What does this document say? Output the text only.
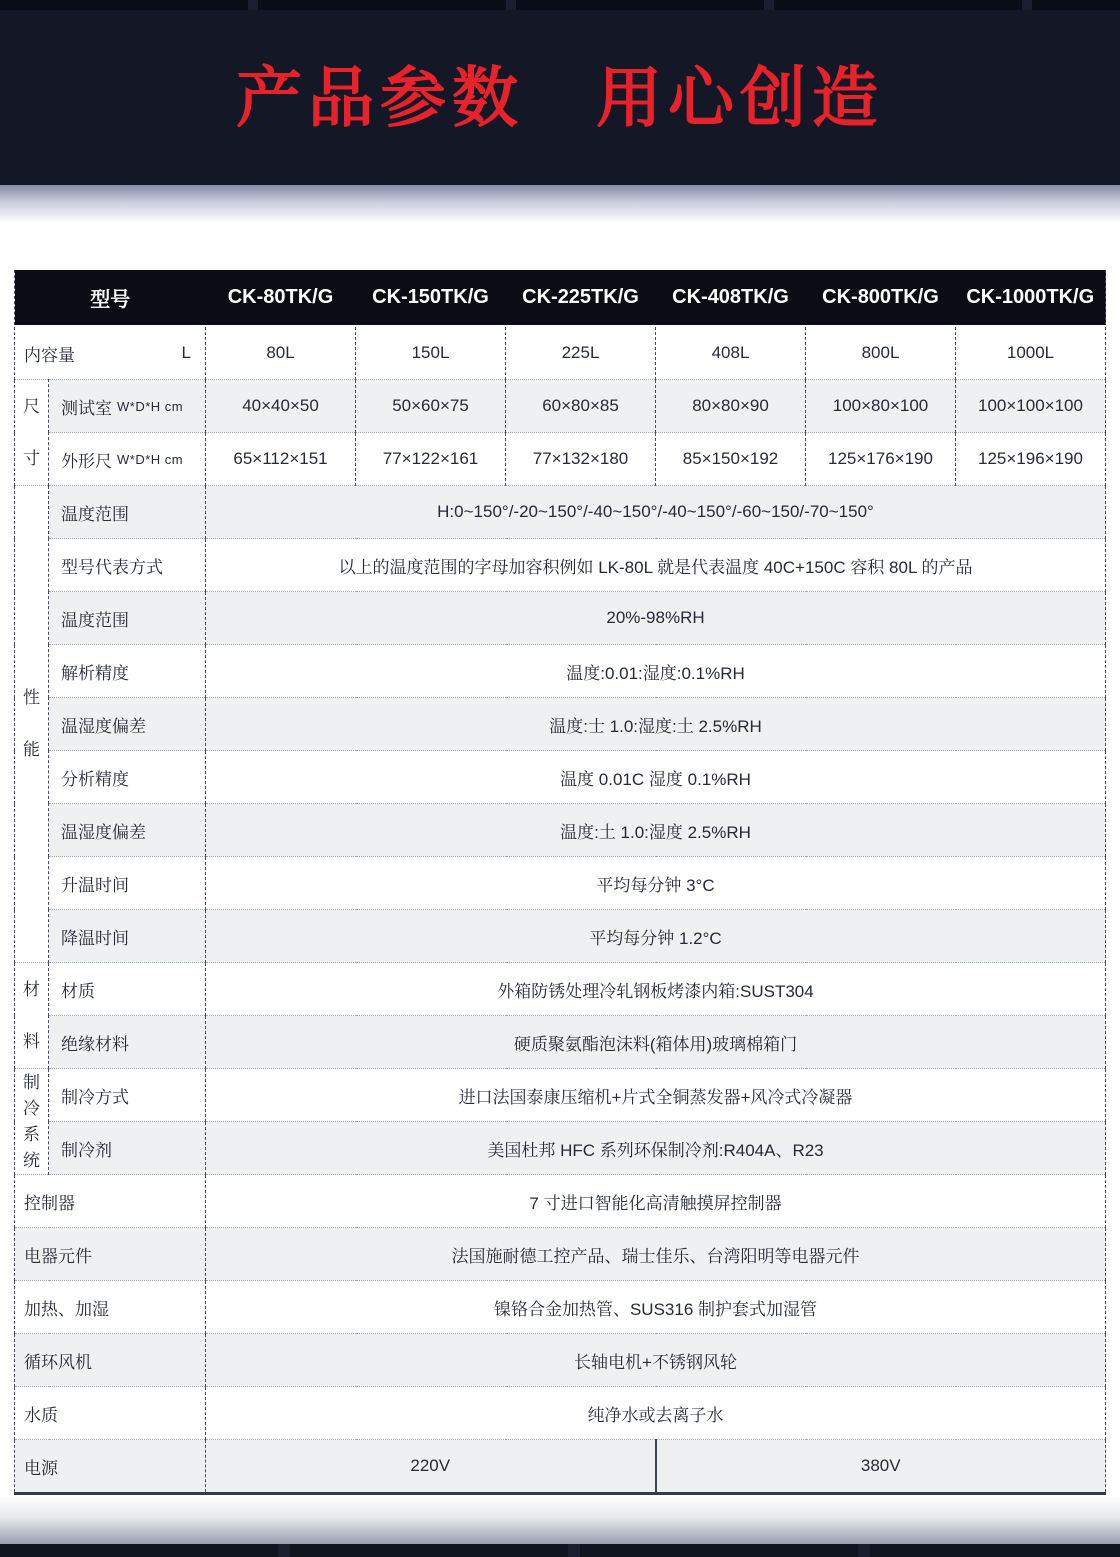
产品参数　用心创造
型号		CK-80TK/G	CK-150TK/G	CK-225TK/G	CK-408TK/G	CK-800TK/G	CK-1000TK/G

内容量 L		80L	150L	225L	408L	800L	1000L

尺
寸	测试室 W*D*H cm	40×40×50	50×60×75	60×80×85	80×80×90	100×80×100	100×100×100

	外形尺 W*D*H cm	65×112×151	77×122×161	77×132×180	85×150×192	125×176×190	125×196×190

性
能	温度范围	H:0~150°/-20~150°/-40~150°/-40~150°/-60~150/-70~150°					

	型号代表方式	以上的温度范围的字母加容积例如 LK-80L 就是代表温度 40C+150C 容积 80L 的产品					

	温度范围	20%-98%RH					

	解析精度	温度:0.01:湿度:0.1%RH					

	温湿度偏差	温度:士 1.0:湿度:土 2.5%RH					

	分析精度	温度 0.01C 湿度 0.1%RH					

	温湿度偏差	温度:土 1.0:湿度 2.5%RH					

	升温时间	平均每分钟 3°C					

	降温时间	平均每分钟 1.2°C					

材
料	材质	外箱防锈处理冷轧钢板烤漆内箱:SUST304					

	绝缘材料	硬质聚氨酯泡沫料(箱体用)玻璃棉箱门					

制
冷
系
统	制冷方式	进口法国泰康压缩机+片式全铜蒸发器+风冷式冷凝器					

	制冷剂	美国杜邦 HFC 系列环保制冷剂:R404A、R23					

控制器		7 寸进口智能化高清触摸屏控制器					

电器元件		法国施耐德工控产品、瑞士佳乐、台湾阳明等电器元件					

加热、加湿		镍铬合金加热管、SUS316 制护套式加湿管					

循环风机		长轴电机+不锈钢风轮					

水质		纯净水或去离子水					

电源		220V			380V		
